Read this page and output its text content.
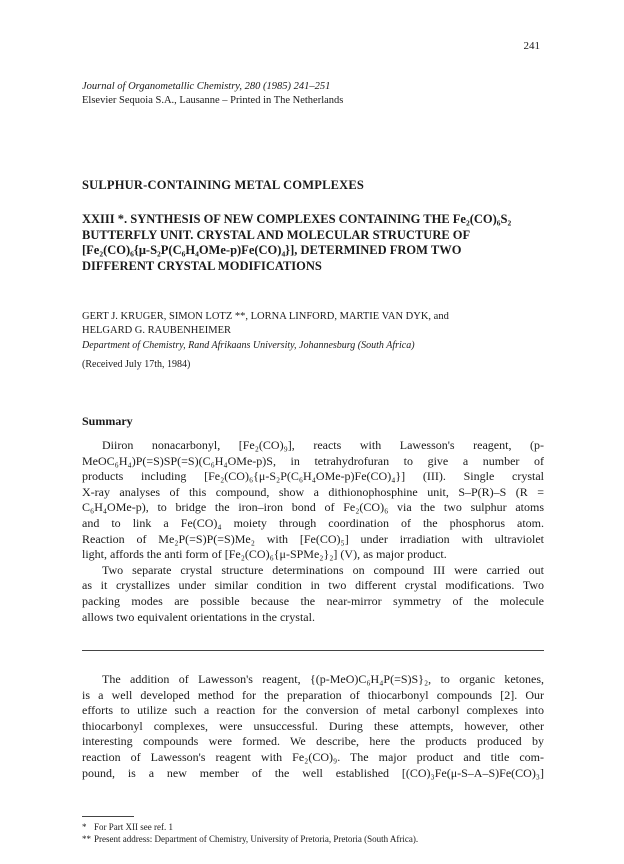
241
Journal of Organometallic Chemistry, 280 (1985) 241–251
Elsevier Sequoia S.A., Lausanne – Printed in The Netherlands
SULPHUR-CONTAINING METAL COMPLEXES
XXIII *. SYNTHESIS OF NEW COMPLEXES CONTAINING THE Fe₂(CO)₆S₂
BUTTERFLY UNIT. CRYSTAL AND MOLECULAR STRUCTURE OF
[Fe₂(CO)₆{μ-S₂P(C₆H₄OMe-p)Fe(CO)₄}], DETERMINED FROM TWO
DIFFERENT CRYSTAL MODIFICATIONS
GERT J. KRUGER, SIMON LOTZ **, LORNA LINFORD, MARTIE VAN DYK, and
HELGARD G. RAUBENHEIMER
Department of Chemistry, Rand Afrikaans University, Johannesburg (South Africa)
(Received July 17th, 1984)
Summary
Diiron nonacarbonyl, [Fe₂(CO)₉], reacts with Lawesson's reagent, (p-
MeOC₆H₄)P(=S)SP(=S)(C₆H₄OMe-p)S, in tetrahydrofuran to give a number of
products including [Fe₂(CO)₆{μ-S₂P(C₆H₄OMe-p)Fe(CO)₄}] (III). Single crystal
X-ray analyses of this compound, show a dithionophosphine unit, S–P(R)–S (R =
C₆H₄OMe-p), to bridge the iron–iron bond of Fe₂(CO)₆ via the two sulphur atoms
and to link a Fe(CO)₄ moiety through coordination of the phosphorus atom.
Reaction of Me₂P(=S)P(=S)Me₂ with [Fe(CO)₅] under irradiation with ultraviolet
light, affords the anti form of [Fe₂(CO)₆{μ-SPMe₂}₂] (V), as major product.
Two separate crystal structure determinations on compound III were carried out
as it crystallizes under similar condition in two different crystal modifications. Two
packing modes are possible because the near-mirror symmetry of the molecule
allows two equivalent orientations in the crystal.
The addition of Lawesson's reagent, {(p-MeO)C₆H₄P(=S)S}₂, to organic ketones,
is a well developed method for the preparation of thiocarbonyl compounds [2]. Our
efforts to utilize such a reaction for the conversion of metal carbonyl complexes into
thiocarbonyl complexes, were unsuccessful. During these attempts, however, other
interesting compounds were formed. We describe, here the products produced by
reaction of Lawesson's reagent with Fe₂(CO)₉. The major product and title com-
pound, is a new member of the well established [(CO)₃Fe(μ-S–A–S)Fe(CO)₃]
* For Part XII see ref. 1
** Present address: Department of Chemistry, University of Pretoria, Pretoria (South Africa).
